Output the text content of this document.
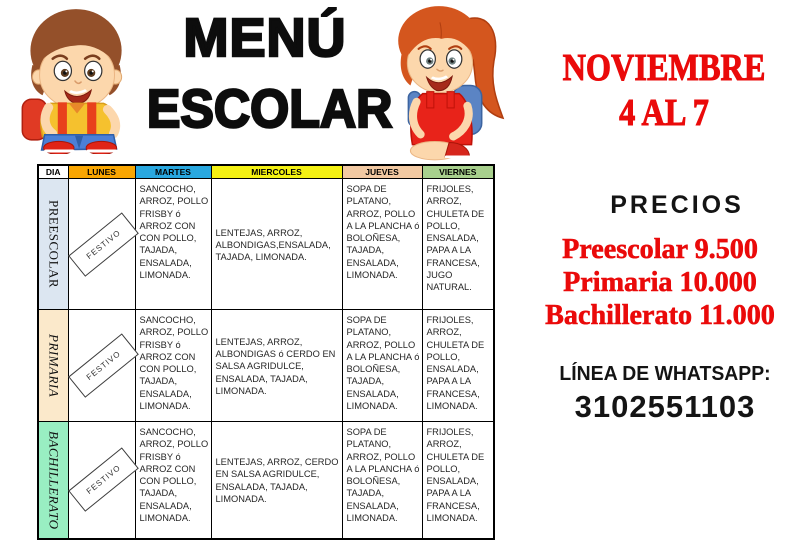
MENÚ
ESCOLAR
NOVIEMBRE
4 AL 7
DIA	LUNES	MARTES	MIERCOLES	JUEVES	VIERNES

PREESCOLAR	FESTIVO	SANCOCHO, ARROZ, POLLO FRISBY ó ARROZ CON CON POLLO, TAJADA, ENSALADA, LIMONADA.	LENTEJAS, ARROZ, ALBONDIGAS,ENSALADA, TAJADA, LIMONADA.	SOPA DE PLATANO, ARROZ, POLLO A LA PLANCHA ó BOLOÑESA, TAJADA, ENSALADA, LIMONADA.	FRIJOLES, ARROZ, CHULETA DE POLLO, ENSALADA, PAPA A LA FRANCESA, JUGO NATURAL.

PRIMARIA	FESTIVO	SANCOCHO, ARROZ, POLLO FRISBY ó ARROZ CON CON POLLO, TAJADA, ENSALADA, LIMONADA.	LENTEJAS, ARROZ, ALBONDIGAS ó CERDO EN SALSA AGRIDULCE, ENSALADA, TAJADA, LIMONADA.	SOPA DE PLATANO, ARROZ, POLLO A LA PLANCHA ó BOLOÑESA, TAJADA, ENSALADA, LIMONADA.	FRIJOLES, ARROZ, CHULETA DE POLLO, ENSALADA, PAPA A LA FRANCESA, LIMONADA.

BACHILLERATO	FESTIVO	SANCOCHO, ARROZ, POLLO FRISBY ó ARROZ CON CON POLLO, TAJADA, ENSALADA, LIMONADA.	LENTEJAS, ARROZ, CERDO EN SALSA AGRIDULCE, ENSALADA, TAJADA, LIMONADA.	SOPA DE PLATANO, ARROZ, POLLO A LA PLANCHA ó BOLOÑESA, TAJADA, ENSALADA, LIMONADA.	FRIJOLES, ARROZ, CHULETA DE POLLO, ENSALADA, PAPA A LA FRANCESA, LIMONADA.
PRECIOS
Preescolar 9.500
Primaria 10.000
Bachillerato 11.000
LÍNEA DE WHATSAPP:
3102551103
